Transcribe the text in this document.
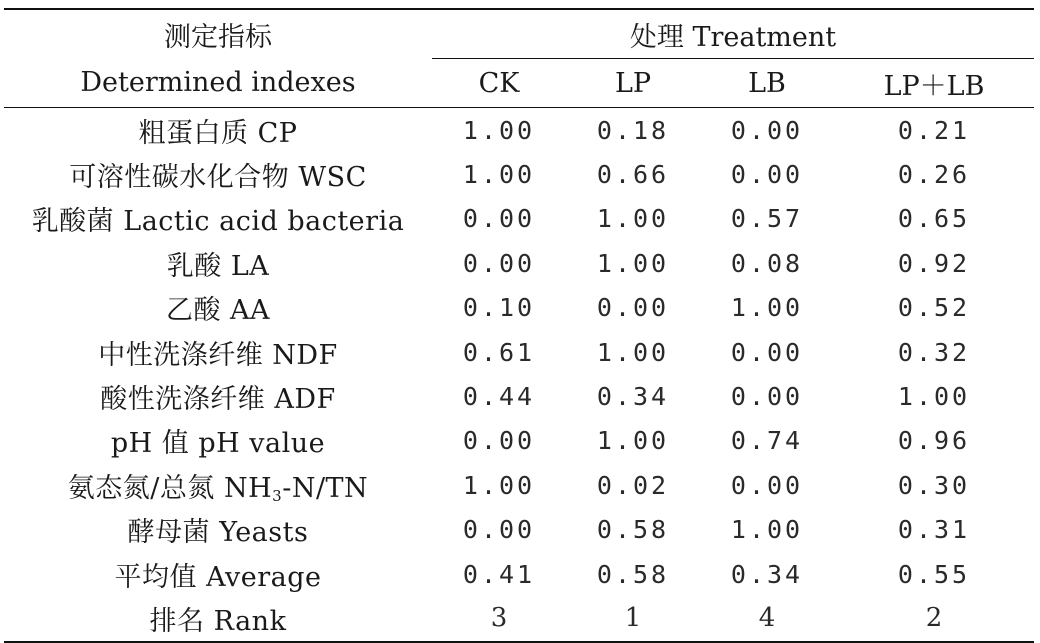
测定指标	处理 Treatment			
Determined indexes	CK	LP	LB	LP＋LB
粗蛋白质 CP	1.00	0.18	0.00	0.21
可溶性碳水化合物 WSC	1.00	0.66	0.00	0.26
乳酸菌 Lactic acid bacteria	0.00	1.00	0.57	0.65
乳酸 LA	0.00	1.00	0.08	0.92
乙酸 AA	0.10	0.00	1.00	0.52
中性洗涤纤维 NDF	0.61	1.00	0.00	0.32
酸性洗涤纤维 ADF	0.44	0.34	0.00	1.00
pH 值 pH value	0.00	1.00	0.74	0.96
氨态氮/总氮 $NH_3-N/TN$	1.00	0.02	0.00	0.30
酵母菌 Yeasts	0.00	0.58	1.00	0.31
平均值 Average	0.41	0.58	0.34	0.55
排名 Rank	3	1	4	2
